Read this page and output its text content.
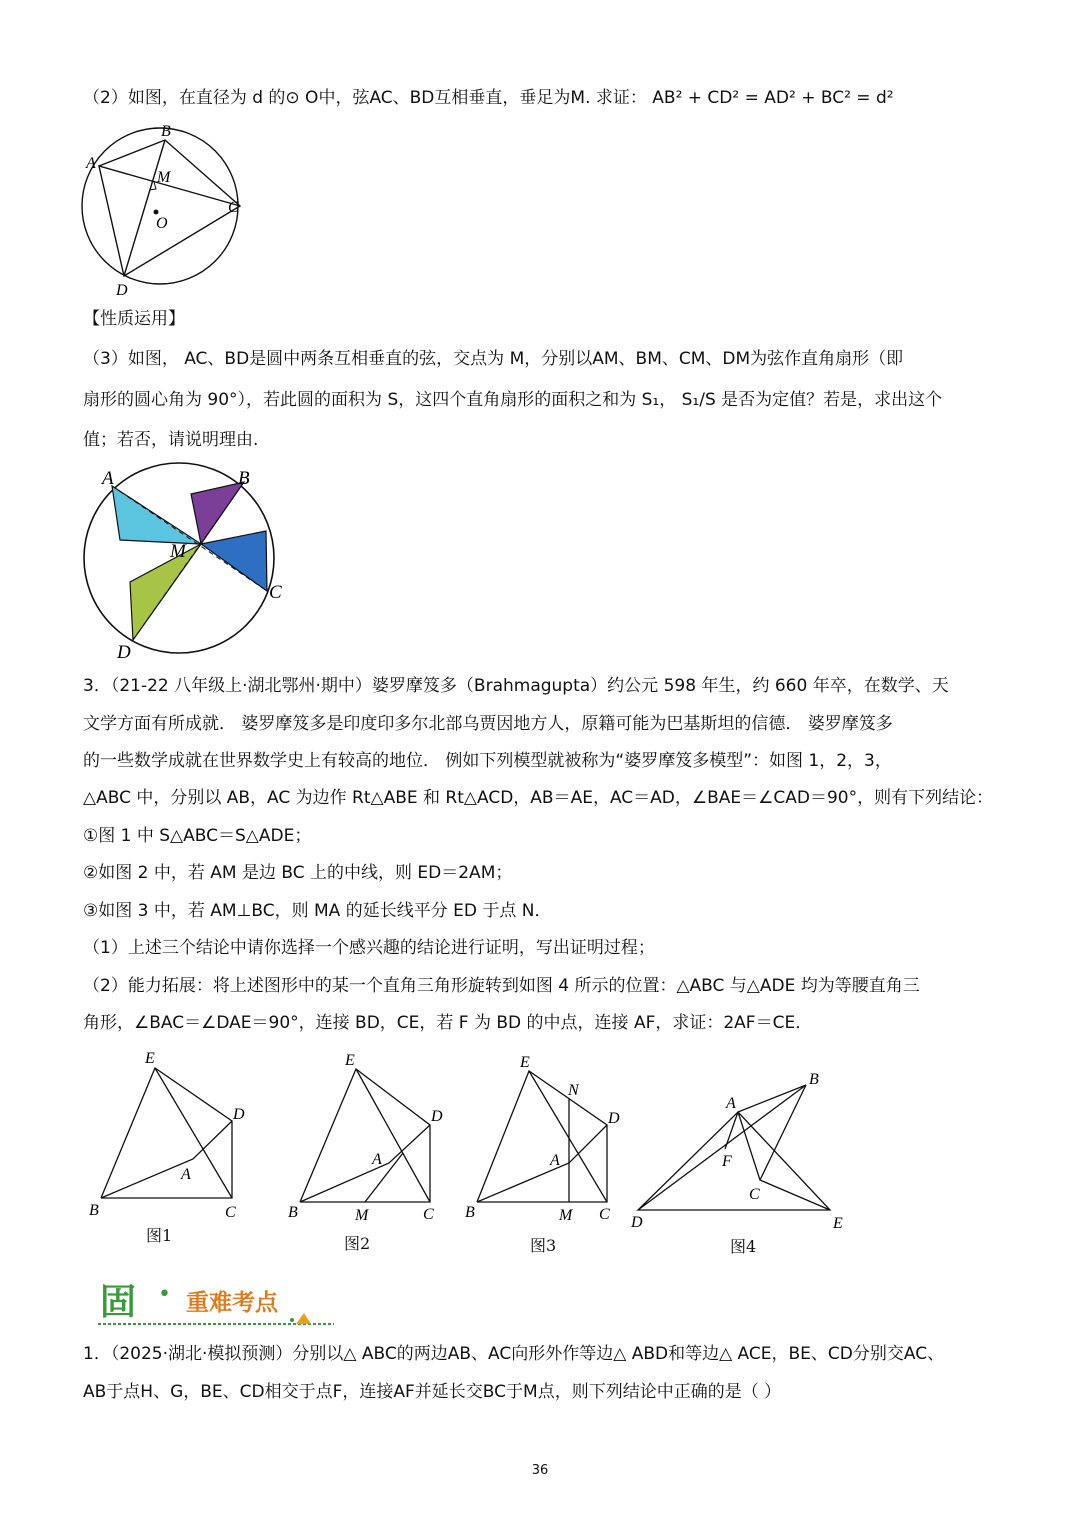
（2）如图，在直径为 d 的⊙ O中，弦AC、BD互相垂直，垂足为M. 求证： AB² + CD² = AD² + BC² = d²
B
A
M
C
O
D
【性质运用】
（3）如图， AC、BD是圆中两条互相垂直的弦，交点为 M，分别以AM、BM、CM、DM为弦作直角扇形（即
扇形的圆心角为 90°），若此圆的面积为 S，这四个直角扇形的面积之和为 S₁， S₁/S 是否为定值？若是，求出这个
值；若否，请说明理由.
A	B
M
C
D
3．（21-22 八年级上·湖北鄂州·期中）婆罗摩笈多（Brahmagupta）约公元 598 年生，约 660 年卒，在数学、天
文学方面有所成就． 婆罗摩笈多是印度印多尔北部乌贾因地方人，原籍可能为巴基斯坦的信德． 婆罗摩笈多
的一些数学成就在世界数学史上有较高的地位． 例如下列模型就被称为“婆罗摩笈多模型”：如图 1，2，3，
△ABC 中，分别以 AB，AC 为边作 Rt△ABE 和 Rt△ACD，AB＝AE，AC＝AD，∠BAE＝∠CAD＝90°，则有下列结论：
①图 1 中 S△ABC＝S△ADE；
②如图 2 中，若 AM 是边 BC 上的中线，则 ED＝2AM；
③如图 3 中，若 AM⊥BC，则 MA 的延长线平分 ED 于点 N．
（1）上述三个结论中请你选择一个感兴趣的结论进行证明，写出证明过程；
（2）能力拓展：将上述图形中的某一个直角三角形旋转到如图 4 所示的位置：△ABC 与△ADE 均为等腰直角三
角形，∠BAC＝∠DAE＝90°，连接 BD，CE，若 F 为 BD 的中点，连接 AF，求证：2AF＝CE．
E
D
A
B	C
图1
E
D
A
B	M	C
图2
E
N
D
A
B	M C
图3
A
B
F
C
D	E
图4
固 • 重难考点
1．（2025·湖北·模拟预测）分别以△ ABC的两边AB、AC向形外作等边△ ABD和等边△ ACE，BE、CD分别交AC、
AB于点H、G，BE、CD相交于点F，连接AF并延长交BC于M点，则下列结论中正确的是（ ）
36
